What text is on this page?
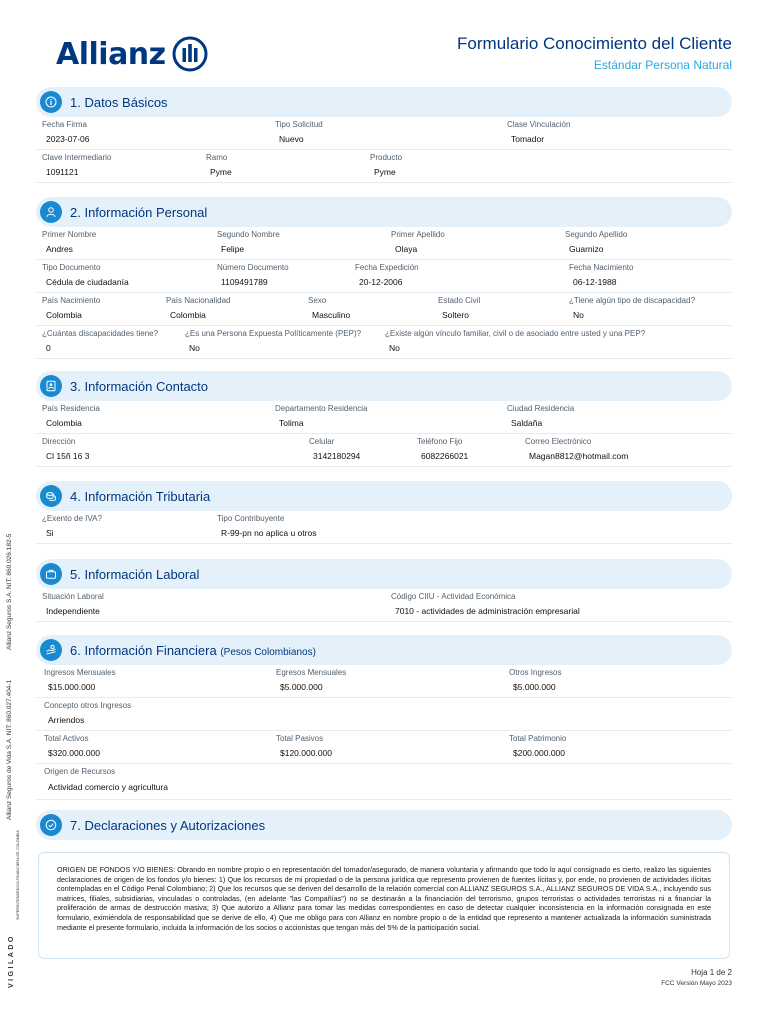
Allianz	Formulario Conocimiento del Cliente
Estándar Persona Natural
1. Datos Básicos
Fecha Firma
2023-07-06
Tipo Solicitud
Nuevo
Clase Vinculación
Tomador
Clave Intermediario
1091121
Ramo
Pyme
Producto
Pyme
2. Información Personal
Primer Nombre
Andres
Segundo Nombre
Felipe
Primer Apellido
Olaya
Segundo Apellido
Guarnizo
Tipo Documento
Cédula de ciudadanía
Número Documento
1109491789
Fecha Expedición
20-12-2006
Fecha Nacimiento
06-12-1988
País Nacimiento
Colombia
País Nacionalidad
Colombia
Sexo
Masculino
Estado Civil
Soltero
¿Tiene algún tipo de discapacidad?
No
¿Cuántas discapacidades tiene?
0
¿Es una Persona Expuesta Políticamente (PEP)?
No
¿Existe algún vínculo familiar, civil o de asociado entre usted y una PEP?
No
3. Información Contacto
País Residencia
Colombia
Departamento Residencia
Tolima
Ciudad Residencia
Saldaña
Dirección
Cl 15ñ 16 3
Celular
3142180294
Teléfono Fijo
6082266021
Correo Electrónico
Magan8812@hotmail.com
4. Información Tributaria
¿Exento de IVA?
Si
Tipo Contribuyente
R-99-pn no aplica u otros
5. Información Laboral
Situación Laboral
Independiente
Código CIIU - Actividad Económica
7010 - actividades de administración empresarial
6. Información Financiera (Pesos Colombianos)
Ingresos Mensuales
$15.000.000
Egresos Mensuales
$5.000.000
Otros Ingresos
$5.000.000
Concepto otros Ingresos
Arriendos
Total Activos
$320.000.000
Total Pasivos
$120.000.000
Total Patrimonio
$200.000.000
Origen de Recursos
Actividad comercio y agricultura
7. Declaraciones y Autorizaciones

ORIGEN DE FONDOS Y/O BIENES: Obrando en nombre propio o en representación del tomador/asegurado, de manera voluntaria y afirmando que todo lo aquí consignado es cierto, realizo las siguientes declaraciones de origen de los fondos y/o bienes: 1) Que los recursos de mi propiedad o de la persona jurídica que represento provienen de fuentes lícitas y, por ende, no provienen de actividades ilícitas contempladas en el Código Penal Colombiano; 2) Que los recursos que se deriven del desarrollo de la relación comercial con ALLIANZ SEGUROS S.A., ALLIANZ SEGUROS DE VIDA S.A., incluyendo sus matrices, filiales, subsidiarias, vinculadas o controladas, (en adelante "las Compañías") no se destinarán a la financiación del terrorismo, grupos terroristas o actividades terroristas ni a financiar la proliferación de armas de destrucción masiva; 3) Que autorizo a Allianz para tomar las medidas correspondientes en caso de detectar cualquier inconsistencia en la información consignada en este formulario, eximiéndola de responsabilidad que se derive de ello, 4) Que me obligo para con Allianz en nombre propio o de la entidad que represento a mantener actualizada la información suministrada mediante el presente formulario, incluida la información de los socios o accionistas que tengan más del 5% de la participación social.

Hoja 1 de 2
FCC Versión Mayo 2023
Allianz Seguros S.A. NIT: 860.026.182-5
Allianz Seguros de Vida S.A. NIT: 860.027.404-1
SUPERINTENDENCIA FINANCIERA DE COLOMBIA
VIGILADO
